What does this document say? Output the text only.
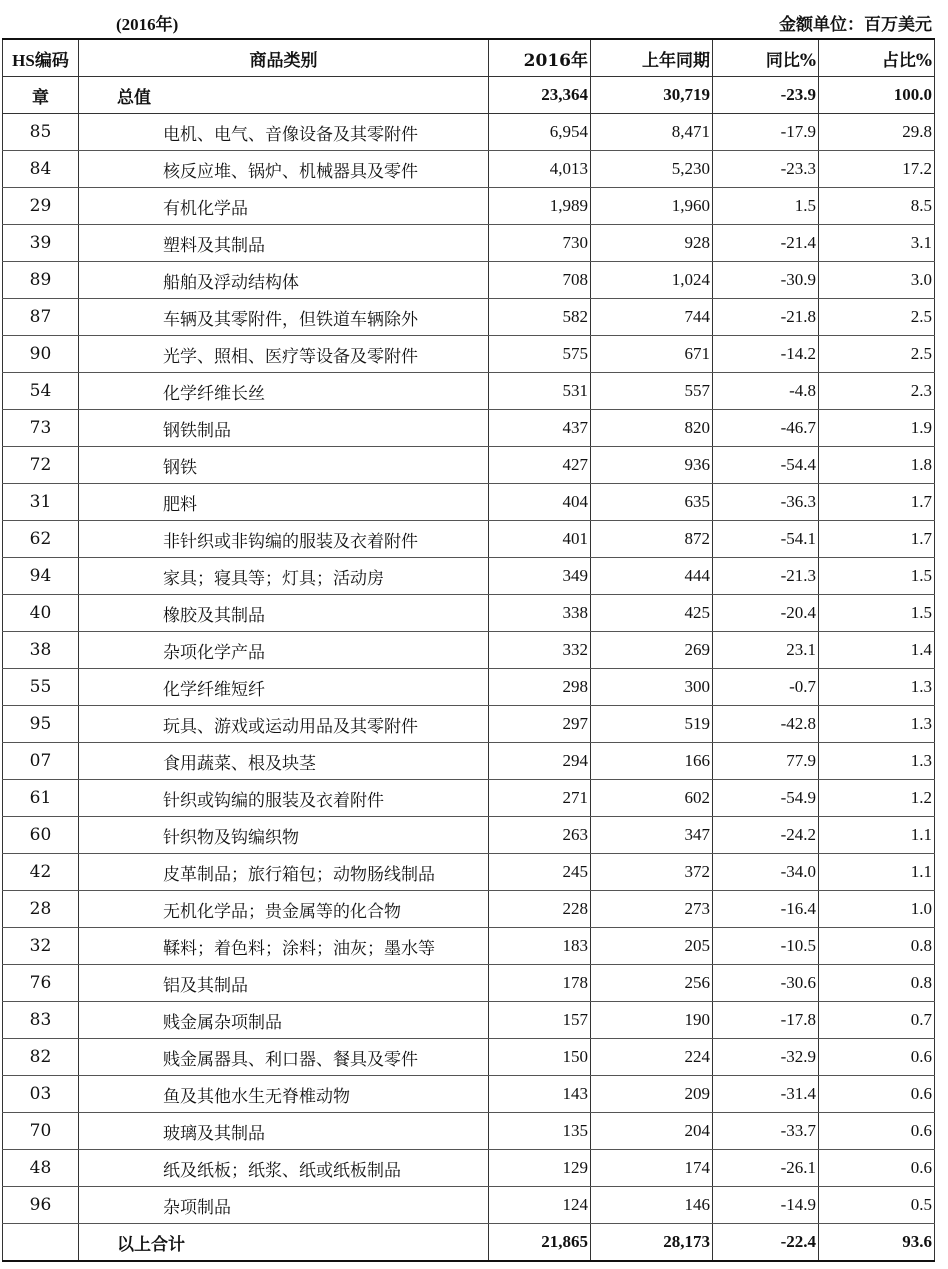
(2016年)	金额单位：百万美元
HS编码	商品类别	2016年	上年同期	同比%	占比%
章	总值	23,364	30,719	-23.9	100.0
85	电机、电气、音像设备及其零附件	6,954	8,471	-17.9	29.8
84	核反应堆、锅炉、机械器具及零件	4,013	5,230	-23.3	17.2
29	有机化学品	1,989	1,960	1.5	8.5
39	塑料及其制品	730	928	-21.4	3.1
89	船舶及浮动结构体	708	1,024	-30.9	3.0
87	车辆及其零附件，但铁道车辆除外	582	744	-21.8	2.5
90	光学、照相、医疗等设备及零附件	575	671	-14.2	2.5
54	化学纤维长丝	531	557	-4.8	2.3
73	钢铁制品	437	820	-46.7	1.9
72	钢铁	427	936	-54.4	1.8
31	肥料	404	635	-36.3	1.7
62	非针织或非钩编的服装及衣着附件	401	872	-54.1	1.7
94	家具；寝具等；灯具；活动房	349	444	-21.3	1.5
40	橡胶及其制品	338	425	-20.4	1.5
38	杂项化学产品	332	269	23.1	1.4
55	化学纤维短纤	298	300	-0.7	1.3
95	玩具、游戏或运动用品及其零附件	297	519	-42.8	1.3
07	食用蔬菜、根及块茎	294	166	77.9	1.3
61	针织或钩编的服装及衣着附件	271	602	-54.9	1.2
60	针织物及钩编织物	263	347	-24.2	1.1
42	皮革制品；旅行箱包；动物肠线制品	245	372	-34.0	1.1
28	无机化学品；贵金属等的化合物	228	273	-16.4	1.0
32	鞣料；着色料；涂料；油灰；墨水等	183	205	-10.5	0.8
76	铝及其制品	178	256	-30.6	0.8
83	贱金属杂项制品	157	190	-17.8	0.7
82	贱金属器具、利口器、餐具及零件	150	224	-32.9	0.6
03	鱼及其他水生无脊椎动物	143	209	-31.4	0.6
70	玻璃及其制品	135	204	-33.7	0.6
48	纸及纸板；纸浆、纸或纸板制品	129	174	-26.1	0.6
96	杂项制品	124	146	-14.9	0.5
	以上合计	21,865	28,173	-22.4	93.6
